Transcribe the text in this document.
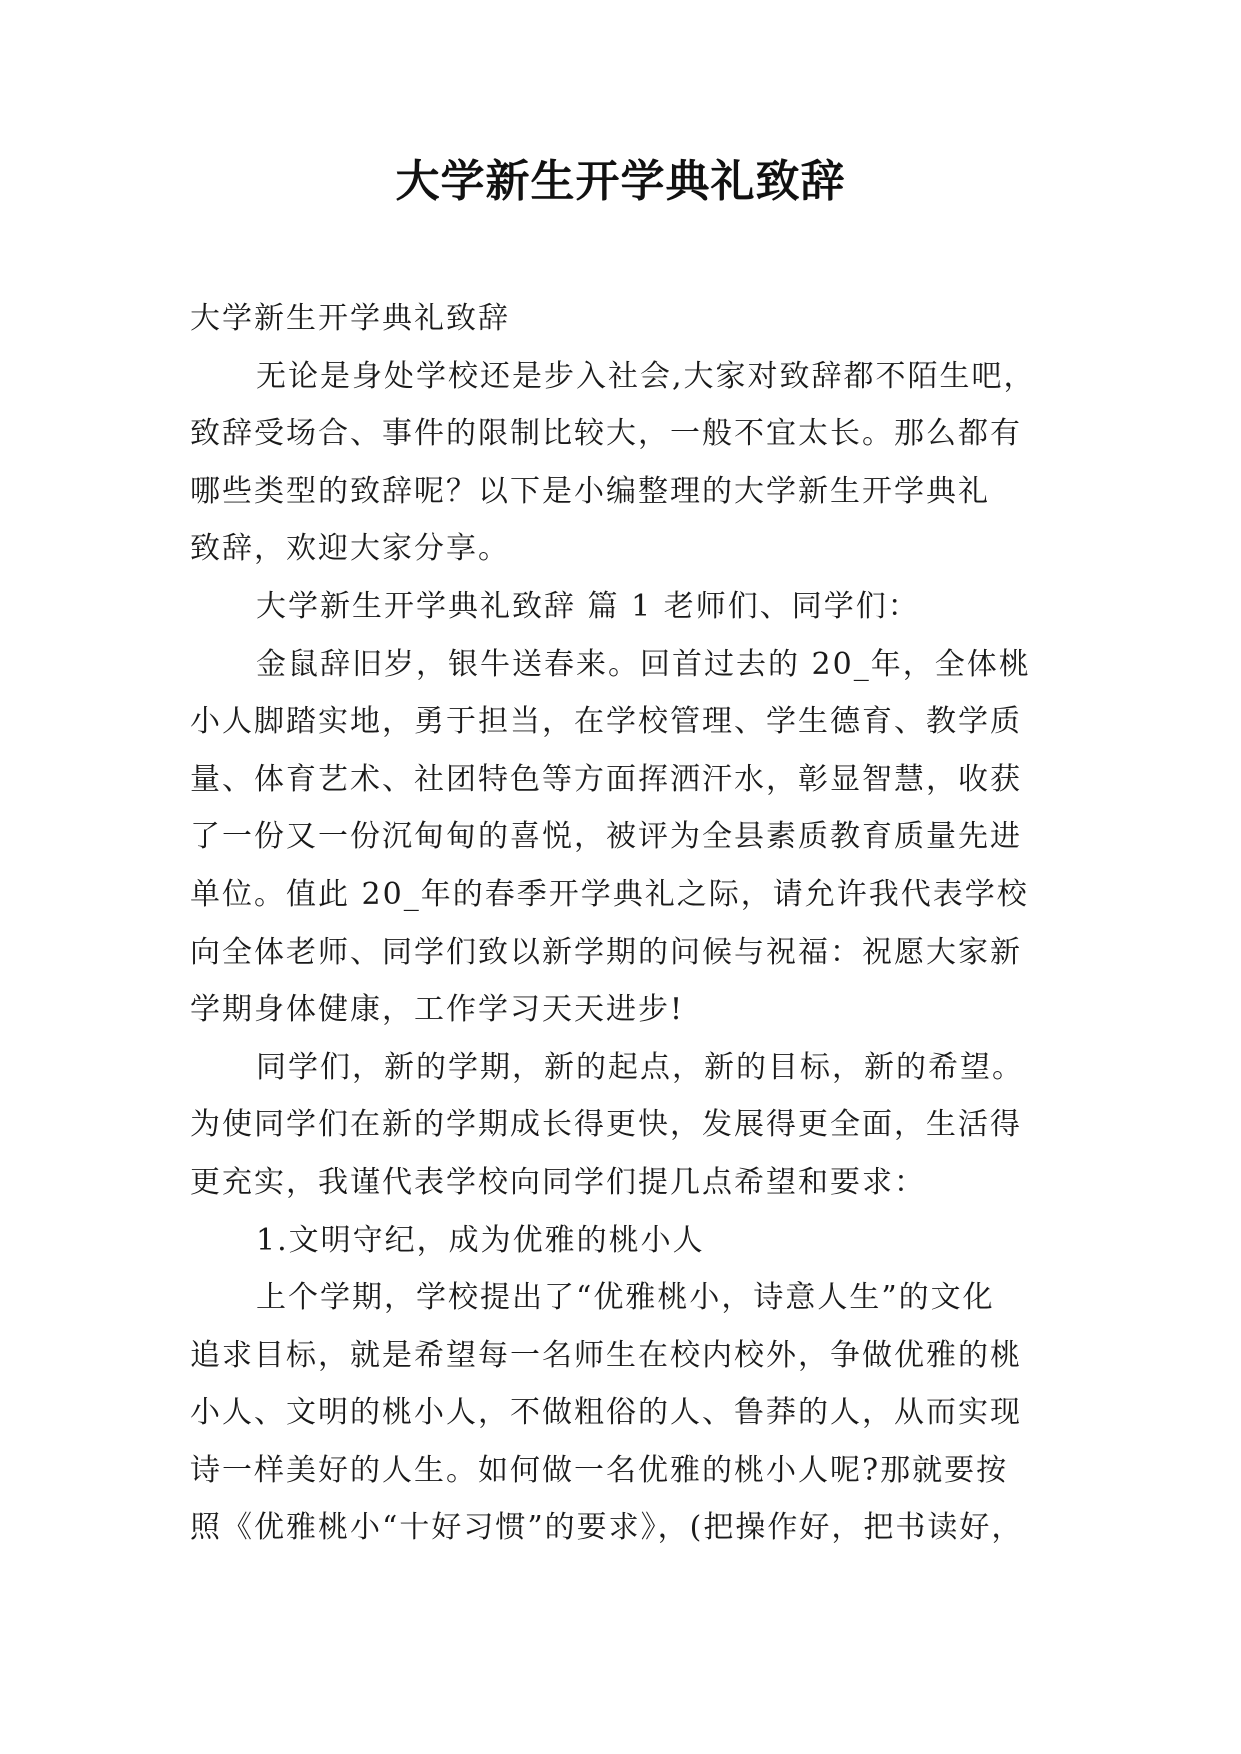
大学新生开学典礼致辞
大学新生开学典礼致辞
无论是身处学校还是步入社会,大家对致辞都不陌生吧，
致辞受场合、事件的限制比较大，一般不宜太长。那么都有
哪些类型的致辞呢？以下是小编整理的大学新生开学典礼
致辞，欢迎大家分享。
大学新生开学典礼致辞 篇 1 老师们、同学们：
金鼠辞旧岁，银牛送春来。回首过去的 20_年，全体桃
小人脚踏实地，勇于担当，在学校管理、学生德育、教学质
量、体育艺术、社团特色等方面挥洒汗水，彰显智慧，收获
了一份又一份沉甸甸的喜悦，被评为全县素质教育质量先进
单位。值此 20_年的春季开学典礼之际，请允许我代表学校
向全体老师、同学们致以新学期的问候与祝福：祝愿大家新
学期身体健康，工作学习天天进步!
同学们，新的学期，新的起点，新的目标，新的希望。
为使同学们在新的学期成长得更快，发展得更全面，生活得
更充实，我谨代表学校向同学们提几点希望和要求：
1.文明守纪，成为优雅的桃小人
上个学期，学校提出了“优雅桃小，诗意人生”的文化
追求目标，就是希望每一名师生在校内校外，争做优雅的桃
小人、文明的桃小人，不做粗俗的人、鲁莽的人，从而实现
诗一样美好的人生。如何做一名优雅的桃小人呢?那就要按
照《优雅桃小“十好习惯”的要求》，(把操作好，把书读好，
